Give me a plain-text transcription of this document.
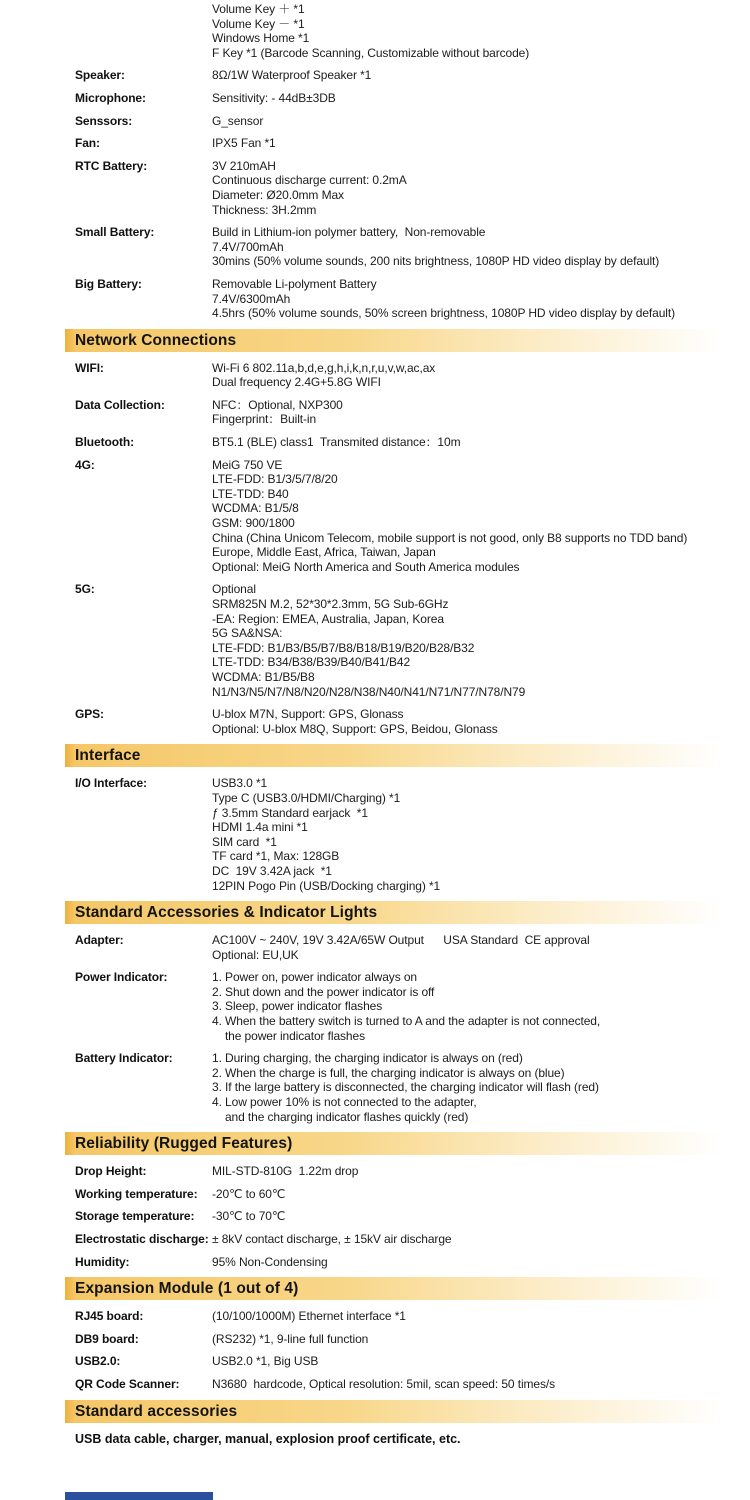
Volume Key ＋ *1
Volume Key － *1
Windows Home *1
F Key *1 (Barcode Scanning, Customizable without barcode)
Speaker:	8Ω/1W Waterproof Speaker *1
Microphone:	Sensitivity: - 44dB±3DB
Senssors:	G_sensor
Fan:	IPX5 Fan *1
RTC Battery:	3V 210mAH
Continuous discharge current: 0.2mA
Diameter: Ø20.0mm Max
Thickness: 3H.2mm
Small Battery:	Build in Lithium-ion polymer battery,  Non-removable
7.4V/700mAh
30mins (50% volume sounds, 200 nits brightness, 1080P HD video display by default)
Big Battery:	Removable Li-polyment Battery
7.4V/6300mAh
4.5hrs (50% volume sounds, 50% screen brightness, 1080P HD video display by default)
Network Connections
WIFI:	Wi-Fi 6 802.11a,b,d,e,g,h,i,k,n,r,u,v,w,ac,ax
Dual frequency 2.4G+5.8G WIFI
Data Collection:	NFC：Optional, NXP300
Fingerprint：Built-in
Bluetooth:	BT5.1 (BLE) class1  Transmited distance：10m
4G:	MeiG 750 VE
LTE-FDD: B1/3/5/7/8/20
LTE-TDD: B40
WCDMA: B1/5/8
GSM: 900/1800
China (China Unicom Telecom, mobile support is not good, only B8 supports no TDD band)
Europe, Middle East, Africa, Taiwan, Japan
Optional: MeiG North America and South America modules
5G:	Optional
SRM825N M.2, 52*30*2.3mm, 5G Sub-6GHz
-EA: Region: EMEA, Australia, Japan, Korea
5G SA&NSA:
LTE-FDD: B1/B3/B5/B7/B8/B18/B19/B20/B28/B32
LTE-TDD: B34/B38/B39/B40/B41/B42
WCDMA: B1/B5/B8
N1/N3/N5/N7/N8/N20/N28/N38/N40/N41/N71/N77/N78/N79
GPS:	U-blox M7N, Support: GPS, Glonass
Optional: U-blox M8Q, Support: GPS, Beidou, Glonass
Interface
I/O Interface:	USB3.0 *1
Type C (USB3.0/HDMI/Charging) *1
ƒ 3.5mm Standard earjack  *1
HDMI 1.4a mini *1
SIM card  *1
TF card *1, Max: 128GB
DC  19V 3.42A jack  *1
12PIN Pogo Pin (USB/Docking charging) *1
Standard Accessories & Indicator Lights
Adapter:	AC100V ~ 240V, 19V 3.42A/65W Output      USA Standard  CE approval
Optional: EU,UK
Power Indicator:	1. Power on, power indicator always on
2. Shut down and the power indicator is off
3. Sleep, power indicator flashes
4. When the battery switch is turned to A and the adapter is not connected,
the power indicator flashes
Battery Indicator:	1. During charging, the charging indicator is always on (red)
2. When the charge is full, the charging indicator is always on (blue)
3. If the large battery is disconnected, the charging indicator will flash (red)
4. Low power 10% is not connected to the adapter,
and the charging indicator flashes quickly (red)
Reliability (Rugged Features)
Drop Height:	MIL-STD-810G  1.22m drop
Working temperature:	-20℃ to 60℃
Storage temperature:	-30℃ to 70℃
Electrostatic discharge: ± 8kV contact discharge, ± 15kV air discharge
Humidity:	95% Non-Condensing
Expansion Module (1 out of 4)
RJ45 board:	(10/100/1000M) Ethernet interface *1
DB9 board:	(RS232) *1, 9-line full function
USB2.0:	USB2.0 *1, Big USB
QR Code Scanner:	N3680  hardcode, Optical resolution: 5mil, scan speed: 50 times/s
Standard accessories

USB data cable, charger, manual, explosion proof certificate, etc.
